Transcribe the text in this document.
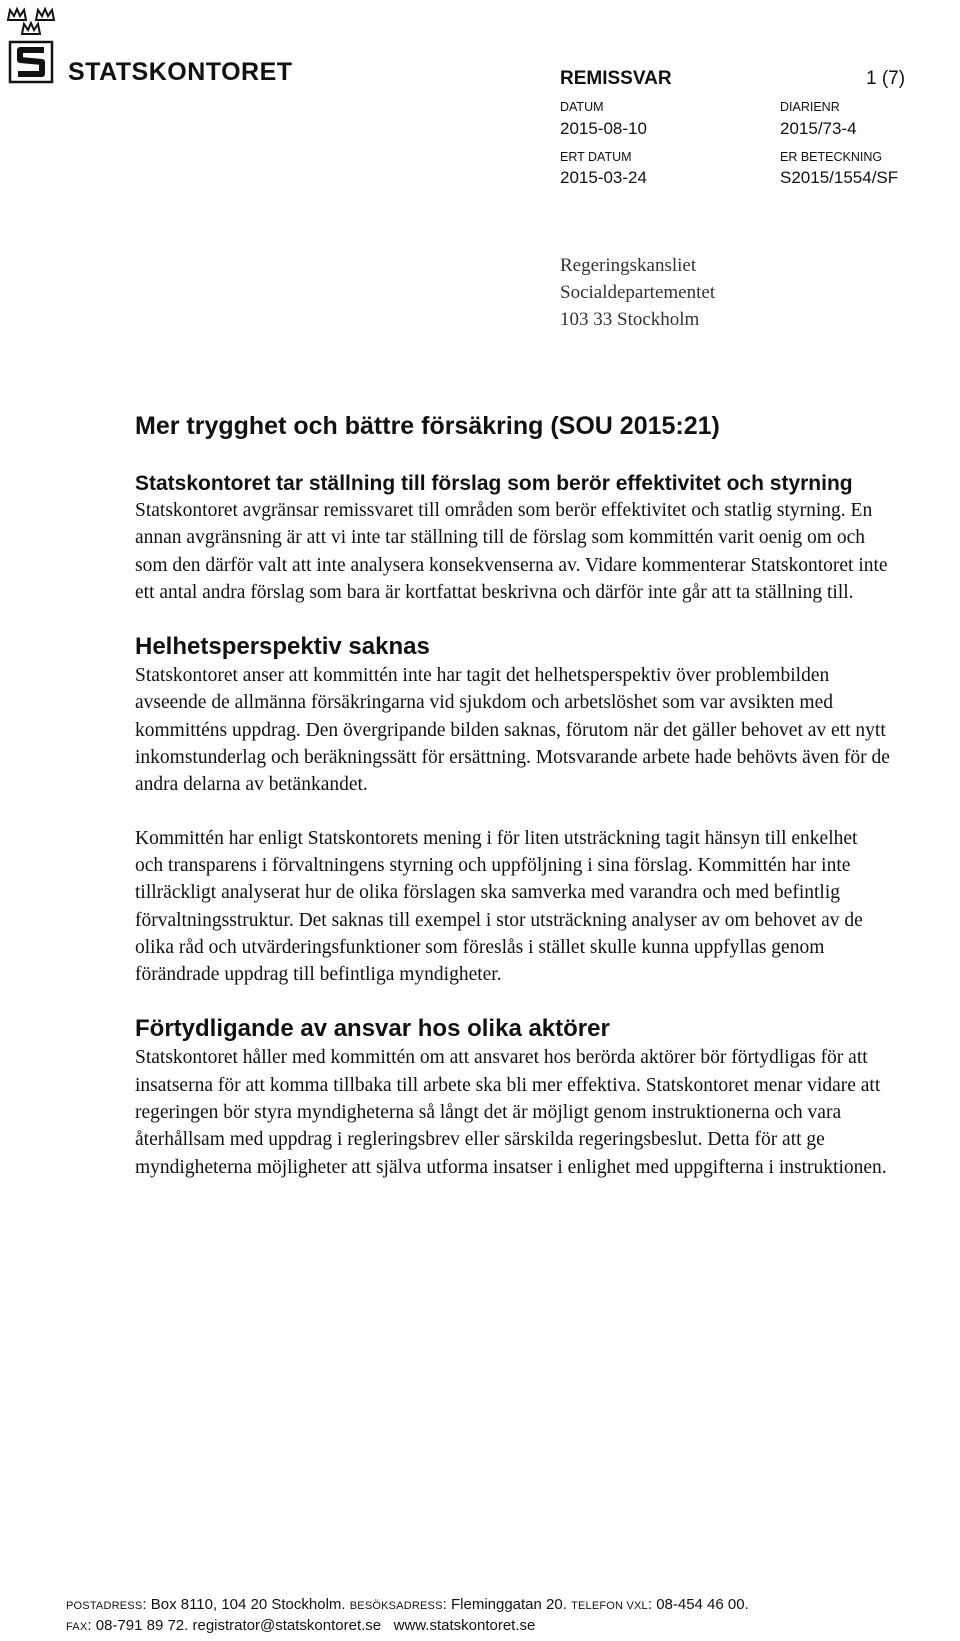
STATSKONTORET	REMISSVAR	1 (7)
DATUM
2015-08-10
DIARIENR
2015/73-4
ERT DATUM
2015-03-24
ER BETECKNING
S2015/1554/SF
Regeringskansliet
Socialdepartementet
103 33 Stockholm
Mer trygghet och bättre försäkring (SOU 2015:21)
Statskontoret tar ställning till förslag som berör effektivitet och styrning

Statskontoret avgränsar remissvaret till områden som berör effektivitet och statlig styrning. En annan avgränsning är att vi inte tar ställning till de förslag som kommittén varit oenig om och som den därför valt att inte analysera konsekvenserna av. Vidare kommenterar Statskontoret inte ett antal andra förslag som bara är kortfattat beskrivna och därför inte går att ta ställning till.

Helhetsperspektiv saknas

Statskontoret anser att kommittén inte har tagit det helhetsperspektiv över problembilden avseende de allmänna försäkringarna vid sjukdom och arbetslöshet som var avsikten med kommitténs uppdrag. Den övergripande bilden saknas, förutom när det gäller behovet av ett nytt inkomstunderlag och beräkningssätt för ersättning. Motsvarande arbete hade behövts även för de andra delarna av betänkandet.

Kommittén har enligt Statskontorets mening i för liten utsträckning tagit hänsyn till enkelhet och transparens i förvaltningens styrning och uppföljning i sina förslag. Kommittén har inte tillräckligt analyserat hur de olika förslagen ska samverka med varandra och med befintlig förvaltningsstruktur. Det saknas till exempel i stor utsträckning analyser av om behovet av de olika råd och utvärderingsfunktioner som föreslås i stället skulle kunna uppfyllas genom förändrade uppdrag till befintliga myndigheter.

Förtydligande av ansvar hos olika aktörer

Statskontoret håller med kommittén om att ansvaret hos berörda aktörer bör förtydligas för att insatserna för att komma tillbaka till arbete ska bli mer effektiva. Statskontoret menar vidare att regeringen bör styra myndigheterna så långt det är möjligt genom instruktionerna och vara återhållsam med uppdrag i regleringsbrev eller särskilda regeringsbeslut. Detta för att ge myndigheterna möjligheter att själva utforma insatser i enlighet med uppgifterna i instruktionen.

POSTADRESS: Box 8110, 104 20 Stockholm. BESÖKSADRESS: Fleminggatan 20. TELEFON VXL: 08-454 46 00.
FAX: 08-791 89 72. registrator@statskontoret.se www.statskontoret.se
